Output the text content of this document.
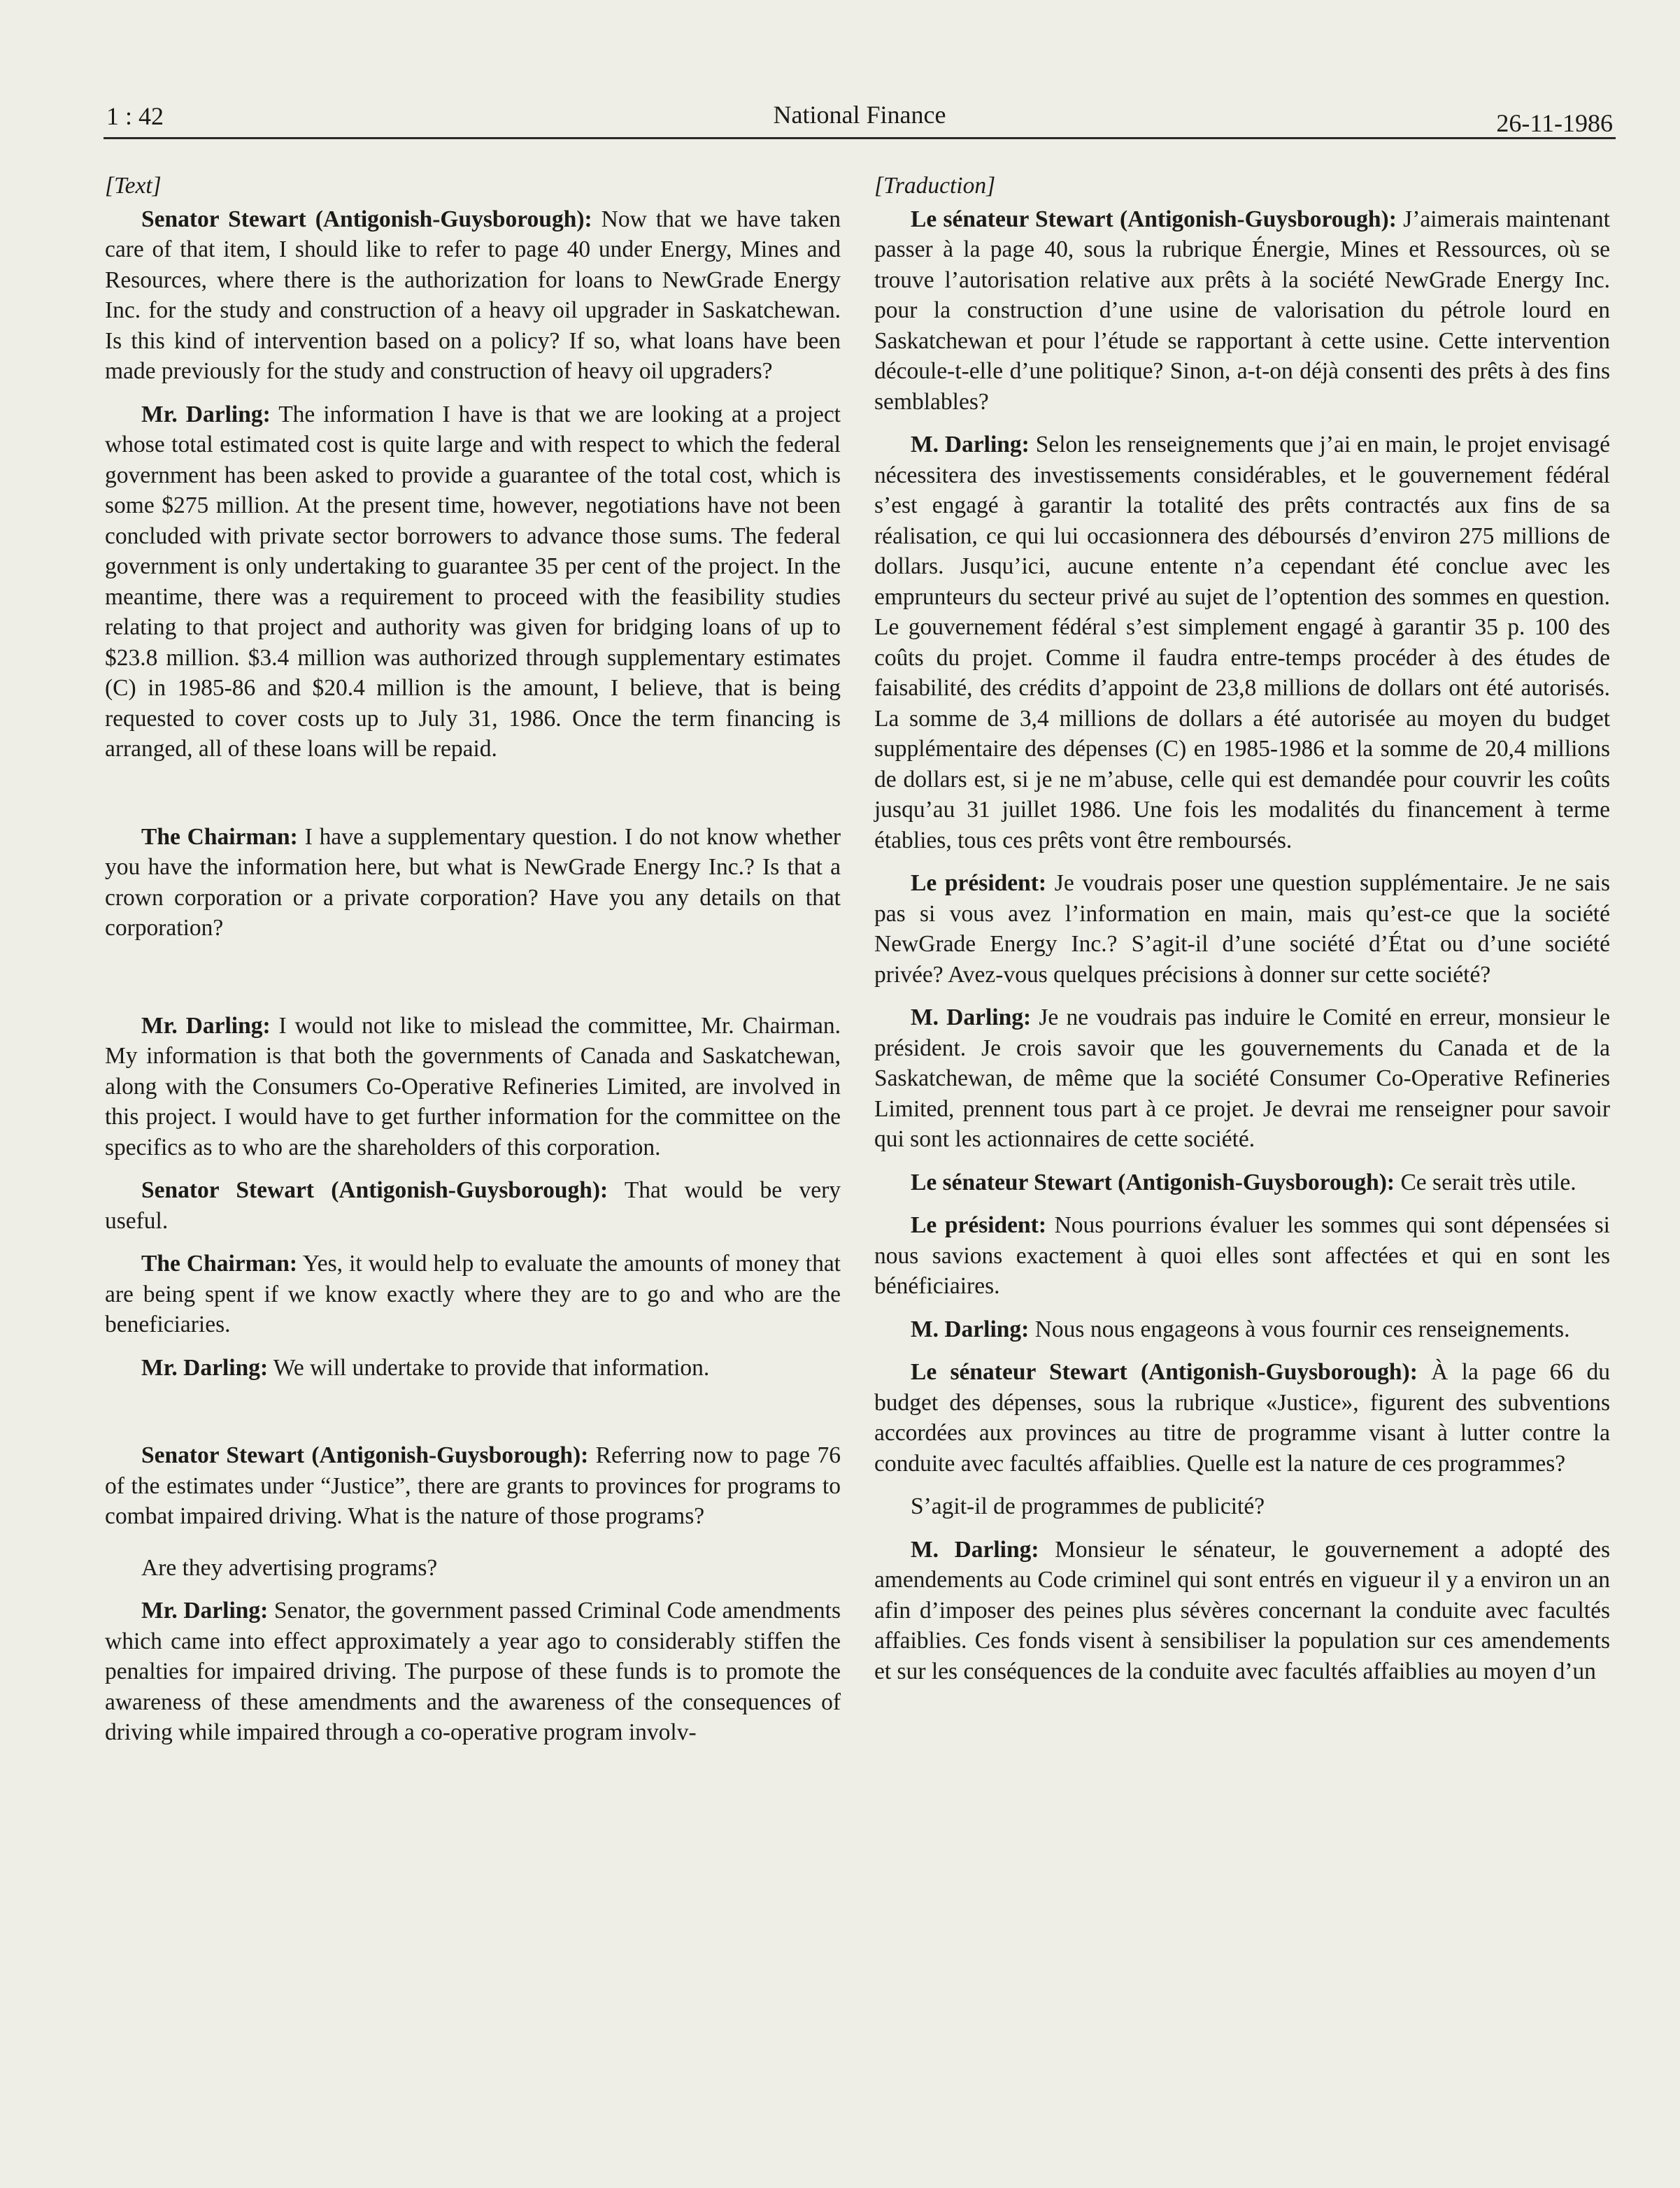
1 : 42	National Finance	26-11-1986

[Text]

Senator Stewart (Antigonish-Guysborough): Now that we have taken care of that item, I should like to refer to page 40 under Energy, Mines and Resources, where there is the authorization for loans to NewGrade Energy Inc. for the study and construction of a heavy oil upgrader in Saskatchewan. Is this kind of intervention based on a policy? If so, what loans have been made previously for the study and construction of heavy oil upgraders?

Mr. Darling: The information I have is that we are looking at a project whose total estimated cost is quite large and with respect to which the federal government has been asked to provide a guarantee of the total cost, which is some $275 million. At the present time, however, negotiations have not been concluded with private sector borrowers to advance those sums. The federal government is only undertaking to guarantee 35 per cent of the project. In the meantime, there was a requirement to proceed with the feasibility studies relating to that project and authority was given for bridging loans of up to $23.8 million. $3.4 million was authorized through supplementary estimates (C) in 1985-86 and $20.4 million is the amount, I believe, that is being requested to cover costs up to July 31, 1986. Once the term financing is arranged, all of these loans will be repaid.

The Chairman: I have a supplementary question. I do not know whether you have the information here, but what is NewGrade Energy Inc.? Is that a crown corporation or a private corporation? Have you any details on that corporation?

Mr. Darling: I would not like to mislead the committee, Mr. Chairman. My information is that both the governments of Canada and Saskatchewan, along with the Consumers Co-Operative Refineries Limited, are involved in this project. I would have to get further information for the committee on the specifics as to who are the shareholders of this corporation.

Senator Stewart (Antigonish-Guysborough): That would be very useful.

The Chairman: Yes, it would help to evaluate the amounts of money that are being spent if we know exactly where they are to go and who are the beneficiaries.

Mr. Darling: We will undertake to provide that information.

Senator Stewart (Antigonish-Guysborough): Referring now to page 76 of the estimates under “Justice”, there are grants to provinces for programs to combat impaired driving. What is the nature of those programs?

Are they advertising programs?

Mr. Darling: Senator, the government passed Criminal Code amendments which came into effect approximately a year ago to considerably stiffen the penalties for impaired driving. The purpose of these funds is to promote the awareness of these amendments and the awareness of the consequences of driving while impaired through a co-operative program involv-

[Traduction]

Le sénateur Stewart (Antigonish-Guysborough): J’aimerais maintenant passer à la page 40, sous la rubrique Énergie, Mines et Ressources, où se trouve l’autorisation relative aux prêts à la société NewGrade Energy Inc. pour la construction d’une usine de valorisation du pétrole lourd en Saskatchewan et pour l’étude se rapportant à cette usine. Cette intervention découle-t-elle d’une politique? Sinon, a-t-on déjà consenti des prêts à des fins semblables?

M. Darling: Selon les renseignements que j’ai en main, le projet envisagé nécessitera des investissements considérables, et le gouvernement fédéral s’est engagé à garantir la totalité des prêts contractés aux fins de sa réalisation, ce qui lui occasionnera des déboursés d’environ 275 millions de dollars. Jusqu’ici, aucune entente n’a cependant été conclue avec les emprunteurs du secteur privé au sujet de l’optention des sommes en question. Le gouvernement fédéral s’est simplement engagé à garantir 35 p. 100 des coûts du projet. Comme il faudra entre-temps procéder à des études de faisabilité, des crédits d’appoint de 23,8 millions de dollars ont été autorisés. La somme de 3,4 millions de dollars a été autorisée au moyen du budget supplémentaire des dépenses (C) en 1985-1986 et la somme de 20,4 millions de dollars est, si je ne m’abuse, celle qui est demandée pour couvrir les coûts jusqu’au 31 juillet 1986. Une fois les modalités du financement à terme établies, tous ces prêts vont être remboursés.

Le président: Je voudrais poser une question supplémentaire. Je ne sais pas si vous avez l’information en main, mais qu’est-ce que la société NewGrade Energy Inc.? S’agit-il d’une société d’État ou d’une société privée? Avez-vous quelques précisions à donner sur cette société?

M. Darling: Je ne voudrais pas induire le Comité en erreur, monsieur le président. Je crois savoir que les gouvernements du Canada et de la Saskatchewan, de même que la société Consumer Co-Operative Refineries Limited, prennent tous part à ce projet. Je devrai me renseigner pour savoir qui sont les actionnaires de cette société.

Le sénateur Stewart (Antigonish-Guysborough): Ce serait très utile.

Le président: Nous pourrions évaluer les sommes qui sont dépensées si nous savions exactement à quoi elles sont affectées et qui en sont les bénéficiaires.

M. Darling: Nous nous engageons à vous fournir ces renseignements.

Le sénateur Stewart (Antigonish-Guysborough): À la page 66 du budget des dépenses, sous la rubrique «Justice», figurent des subventions accordées aux provinces au titre de programme visant à lutter contre la conduite avec facultés affaiblies. Quelle est la nature de ces programmes?

S’agit-il de programmes de publicité?

M. Darling: Monsieur le sénateur, le gouvernement a adopté des amendements au Code criminel qui sont entrés en vigueur il y a environ un an afin d’imposer des peines plus sévères concernant la conduite avec facultés affaiblies. Ces fonds visent à sensibiliser la population sur ces amendements et sur les conséquences de la conduite avec facultés affaiblies au moyen d’un
